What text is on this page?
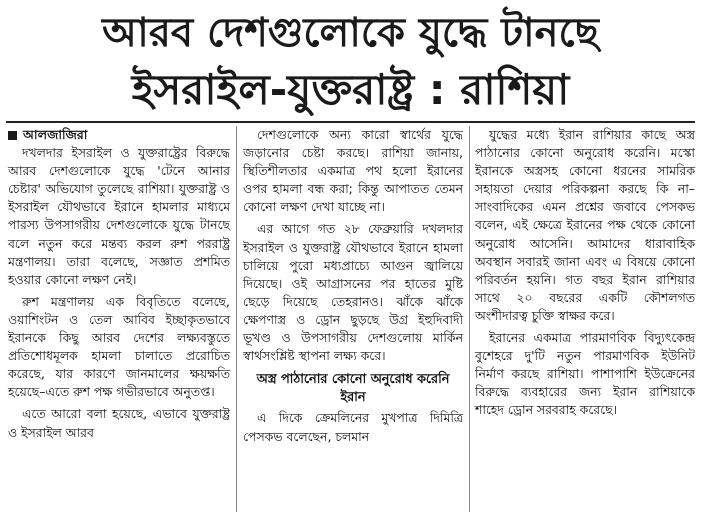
আরব দেশগুলোকে যুদ্ধে টানছে
ইসরাইল-যুক্তরাষ্ট্র : রাশিয়া
আলজাজিরা

দখলদার ইসরাইল ও যুক্তরাষ্ট্রের বিরুদ্ধে আরব দেশগুলোকে যুদ্ধে 'টেনে আনার চেষ্টার' অভিযোগ তুলেছে রাশিয়া। যুক্তরাষ্ট্র ও ইসরাইল যৌথভাবে ইরানে হামলার মাধ্যমে পারস্য উপসাগরীয় দেশগুলোকে যুদ্ধে টানছে বলে নতুন করে মন্তব্য করল রুশ পররাষ্ট্র মন্ত্রণালয়। তারা বলেছে, সজ্ঞাত প্রশমিত হওয়ার কোনো লক্ষণ নেই।

রুশ মন্ত্রণালয় এক বিবৃতিতে বলেছে, ওয়াশিংটন ও তেল আবিব ইচ্ছাকৃতভাবে ইরানকে কিছু আরব দেশের লক্ষ্যবস্তুতে প্রতিশোধমূলক হামলা চালাতে প্ররোচিত করেছে, যার কারণে জানমালের ক্ষয়ক্ষতি হয়েছে–এতে রুশ পক্ষ গভীরভাবে অনুতপ্ত।

এতে আরো বলা হয়েছে, এভাবে যুক্তরাষ্ট্র ও ইসরাইল আরব

দেশগুলোকে অন্য কারো স্বার্থের যুদ্ধে জড়ানোর চেষ্টা করছে। রাশিয়া জানায়, স্থিতিশীলতার একমাত্র পথ হলো ইরানের ওপর হামলা বন্ধ করা; কিন্তু আপাতত তেমন কোনো লক্ষণ দেখা যাচ্ছে না।

এর আগে গত ২৮ ফেব্রুয়ারি দখলদার ইসরাইল ও যুক্তরাষ্ট্র যৌথভাবে ইরানে হামলা চালিয়ে পুরো মধ্যপ্রাচ্যে আগুন জ্বালিয়ে দিয়েছে। ওই আগ্রাসনের পর হাতের মুষ্টি ছেড়ে দিয়েছে তেহরানও। ঝাঁকে ঝাঁকে ক্ষেপণাস্ত্র ও ড্রোন ছুড়ছে উগ্র ইহুদিবাদী ভূখণ্ড ও উপসাগরীয় দেশগুলোয় মার্কিন স্বার্থসংশ্লিষ্ট স্থাপনা লক্ষ্য করে।

অস্ত্র পাঠানোর কোনো অনুরোধ করেনি ইরান

এ দিকে ক্রেমলিনের মুখপাত্র দিমিত্রি পেসকভ বলেছেন, চলমান

যুদ্ধের মধ্যে ইরান রাশিয়ার কাছে অস্ত্র পাঠানোর কোনো অনুরোধ করেনি। মস্কো ইরানকে অস্ত্রসহ কোনো ধরনের সামরিক সহায়তা দেয়ার পরিকল্পনা করছে কি না– সাংবাদিকের এমন প্রশ্নের জবাবে পেসকভ বলেন, এই ক্ষেত্রে ইরানের পক্ষ থেকে কোনো অনুরোধ আসেনি। আমাদের ধারাবাহিক অবস্থান সবারই জানা এবং এ বিষয়ে কোনো পরিবর্তন হয়নি। গত বছর ইরান রাশিয়ার সাথে ২০ বছরের একটি কৌশলগত অংশীদারত্ব চুক্তি স্বাক্ষর করে।

ইরানের একমাত্র পারমাণবিক বিদ্যুৎকেন্দ্র বুশেহরে দু'টি নতুন পারমাণবিক ইউনিট নির্মাণ করছে রাশিয়া। পাশাপাশি ইউক্রেনের বিরুদ্ধে ব্যবহারের জন্য ইরান রাশিয়াকে শাহেদ ড্রোন সরবরাহ করেছে।
